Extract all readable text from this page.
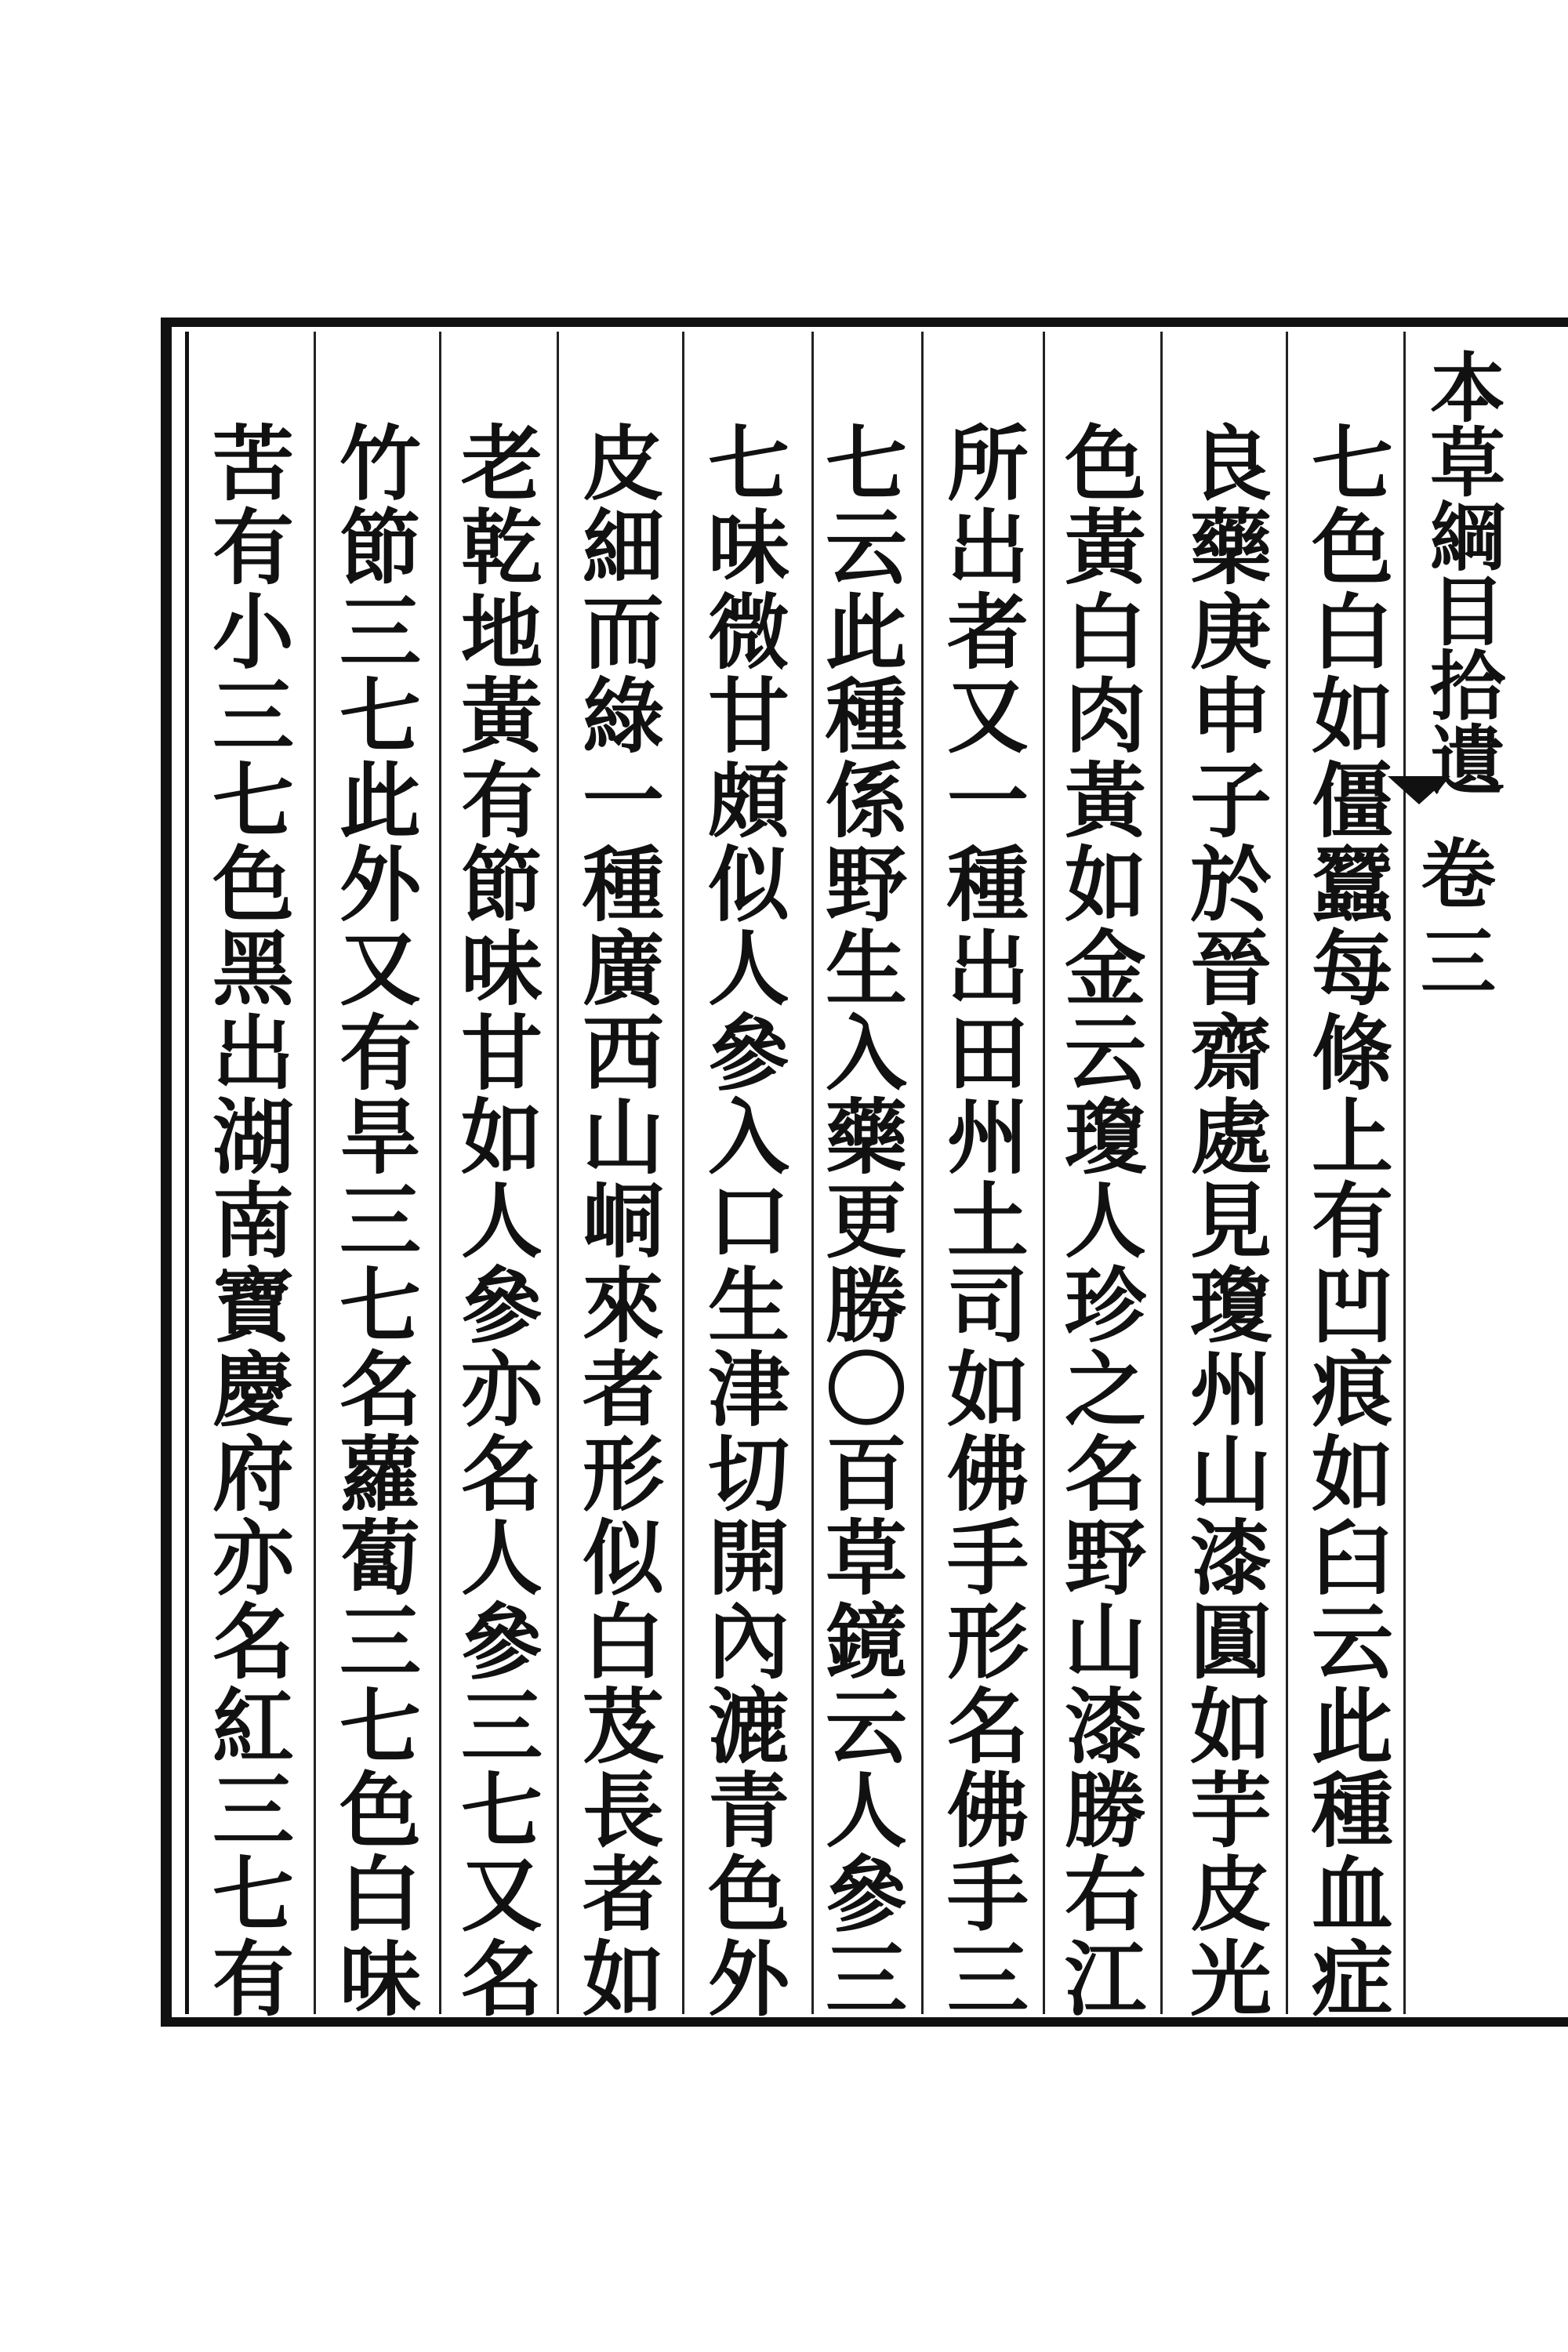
本
草
綱
目
拾
遺
卷
三
七
色
白
如
僵
蠶
每
條
上
有
凹
痕
如
臼
云
此
種
血
症
良
藥
庚
申
子
於
晉
齋
處
見
瓊
州
山
漆
圓
如
芋
皮
光
色
黃
白
肉
黃
如
金
云
瓊
人
珍
之
名
野
山
漆
勝
右
江
所
出
者
又
一
種
出
田
州
土
司
如
佛
手
形
名
佛
手
三
七
云
此
種
係
野
生
入
藥
更
勝
〇
百
草
鏡
云
人
參
三
七
味
微
甘
頗
似
人
參
入
口
生
津
切
開
內
漉
青
色
外
皮
細
而
綠
一
種
廣
西
山
峒
來
者
形
似
白
芨
長
者
如
老
乾
地
黃
有
節
味
甘
如
人
參
亦
名
人
參
三
七
又
名
竹
節
三
七
此
外
又
有
旱
三
七
名
蘿
蔔
三
七
色
白
味
苦
有
小
三
七
色
黑
出
湖
南
寶
慶
府
亦
名
紅
三
七
有
